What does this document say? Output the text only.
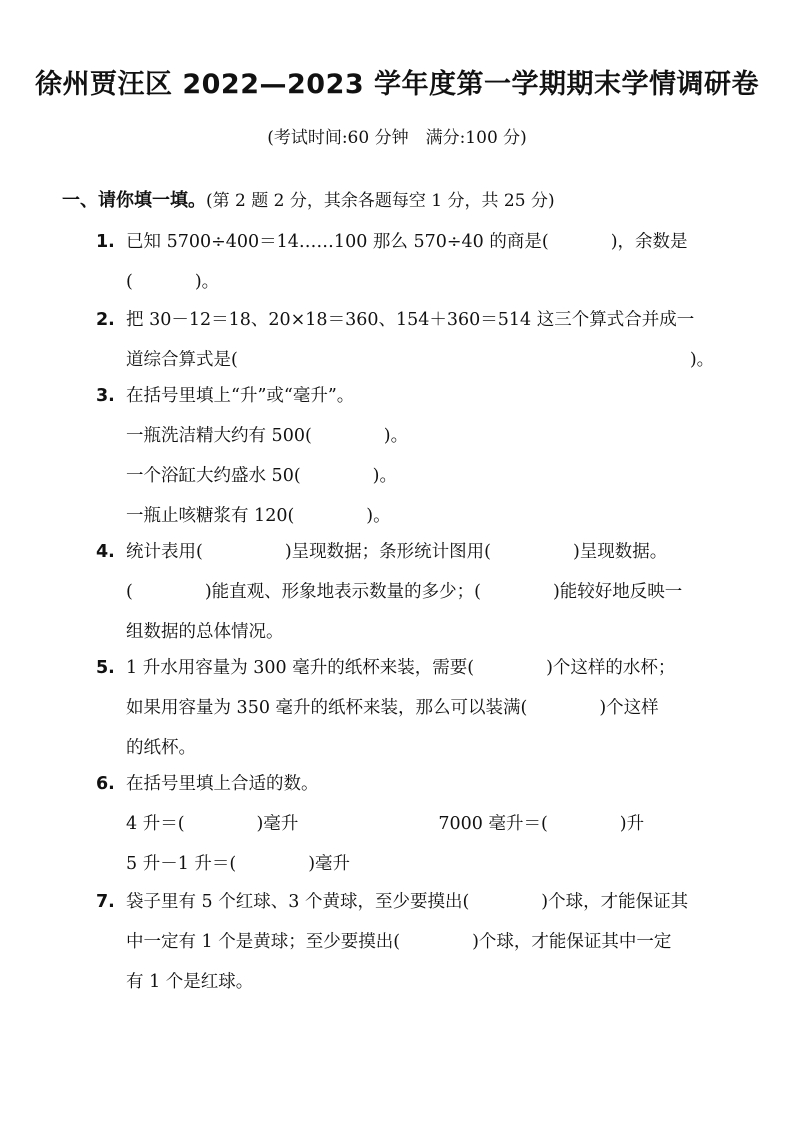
徐州贾汪区 2022—2023 学年度第一学期期末学情调研卷
(考试时间:60 分钟　满分:100 分)
一、请你填一填。(第 2 题 2 分，其余各题每空 1 分，共 25 分)
1. 已知 5700÷400＝14……100 那么 570÷40 的商是(	)，余数是
(	)。
2. 把 30－12＝18、20×18＝360、154＋360＝514 这三个算式合并成一
道综合算式是(	)。
3. 在括号里填上“升”或“毫升”。
一瓶洗洁精大约有 500(	)。
一个浴缸大约盛水 50(	)。
一瓶止咳糖浆有 120(	)。
4. 统计表用(	)呈现数据；条形统计图用(	)呈现数据。
(	)能直观、形象地表示数量的多少；(	)能较好地反映一
组数据的总体情况。
5. 1 升水用容量为 300 毫升的纸杯来装，需要(	)个这样的水杯；
如果用容量为 350 毫升的纸杯来装，那么可以装满(	)个这样
的纸杯。
6. 在括号里填上合适的数。
4 升＝(	)毫升	7000 毫升＝(	)升
5 升－1 升＝(	)毫升
7. 袋子里有 5 个红球、3 个黄球，至少要摸出(	)个球，才能保证其
中一定有 1 个是黄球；至少要摸出(	)个球，才能保证其中一定
有 1 个是红球。
